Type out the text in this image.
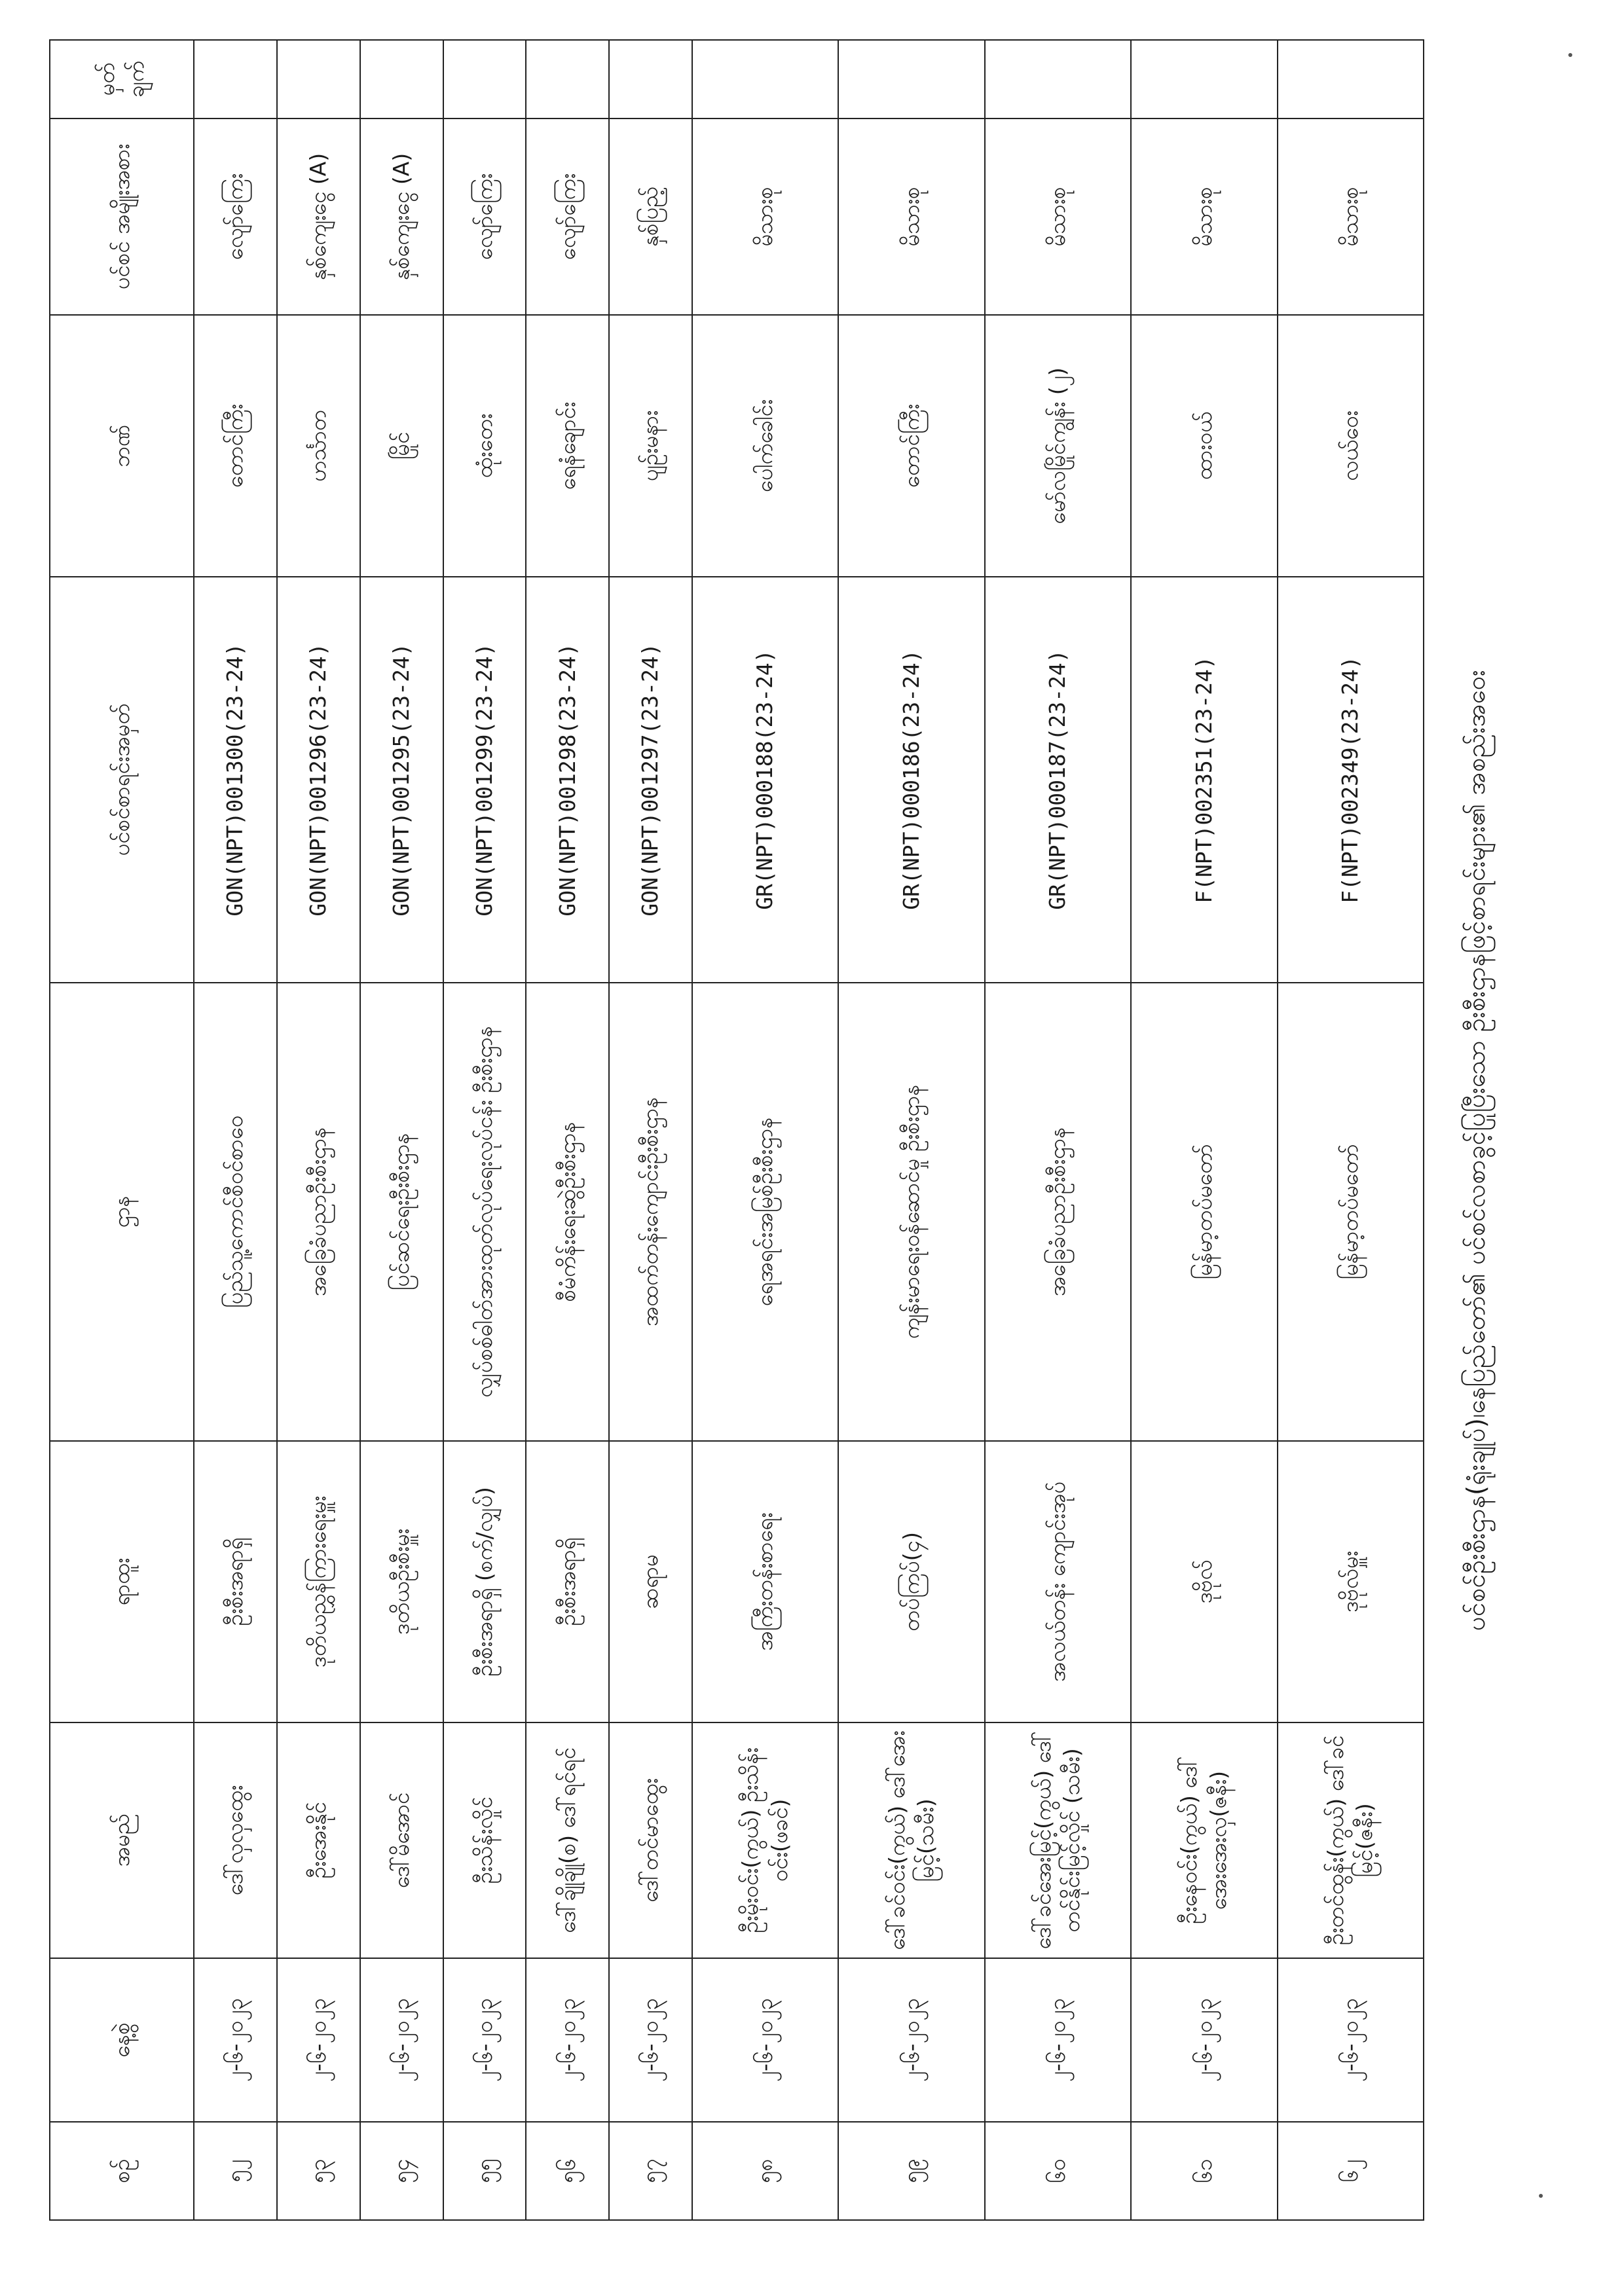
ပင်စင်ဦးစီးဌာန(ရုံးချုပ်)၊နေပြည်တော်၏ ပင်စင်လစာခွင့်ပြုပြီးသော ဦးစီးဌာနဖြင့်စာရင်းများ၏ အစည်းအဝေး
စဉ်	နေ့စွဲ	အမည်	ရာထူး	ဌာန	ပင်စင်စာရင်းအမှတ်	ဘဏ်	ပင်စင် အမျိုးအစား	မှတ် ချက်
၅၂	၂-၆-၂၀၂၃	ဒေါ်လှလှထွေး	ဦးစီးအရာရှိ	ပြည်သူ့ကောင်စီဝင်စာဝေ	GON(NPT)001300(23-24)	တောင်ကြီး	လျော်ကြေး	
၅၃	၂-၆-၂၀၂၃	ဦးအေးနိုင်	ဒုတိယညွှန်ကြားရေးမှူး	အခြေခံပညာဦးစီးဌာန	GON(NPT)001296(23-24)	ဟင်္သာတ	နှစ်ကျေးငွေ (A)	
၅၄	၂-၆-၂၀၂၃	ဒေါ်မိအောင်	ဒုတိယဦးစီးမှူး	ပြင်ဆင်ရေးဦးစီးဌာန	GON(NPT)001295(23-24)	မြိုင်	နှစ်ကျေးငွေ (A)	
၅၅	၂-၆-၂၀၂၃	ဦးသိန်းလှိုင်	ဦးစီးအရာရှိ (စက်/လျှပ်)	လျှပ်စစ်ဓါတ်အားထုတ်လုပ်ရေးလုပ်ငန်း ဦးစီးဌာန	GON(NPT)001299(23-24)	ထုံးတေး	လျော်ကြေး	
၅၆	၂-၆-၂၀၂၃	ဒေါ်ချိုချို(စ) ဒေါ်ရင်ရင်	ဦးစီးအရာရှိ	စီမံကိန်းရေးဆွဲဦးစီးဌာန	GON(NPT)001298(23-24)	ရေနံချောင်း	လျော်ကြေး	
၅၇	၂-၆-၂၀၂၃	ဒေါ်တင်မာထွေး	ဆရာမ	အထက်တန်းကျောင်းဦးစီးဌာန	GON(NPT)001297(23-24)	ပျဉ်းမနား	နှစ်ပြည့်	
၅၈	၂-၆-၂၀၂၃	ဦးမိုးဝင်း(ကွယ်) ဦးသိန်းဝင်း(ဖခင်)	အကြီးတန်းစာရေး	ရေအရင်းအမြစ်ဦးစီးဌာန	GR(NPT)000188(23-24)	ပေါက်ခေါင်း	မိသားစု	
၅၉	၂-၆-၂၀၂၃	ဒေါ်ခင်ဝင်း(ကွယ်) ဒေါ်အေးမြင့်(သမီး)	တပ်ကြပ်(၄)	ကျန်းမာရေးဝန်ဆောင်မှု ဦးစီးဌာန	GR(NPT)000186(23-24)	တောင်ကြီး	မိသားစု	
၆၀	၂-၆-၂၀၂၃	ဒေါ်ခင်အေးမြင့်(ကွယ်) ဒေါ်တင်နိုင်းမြင့်လှိုင် (သမီး)	အလယ်တန်း ကျောင်းအုပ်	အခြေခံပညာဦးစီးဌာန	GR(NPT)000187(23-24)	မော်လမြိုင်ကျွန်း (၂)	မိသားစု	
၆၁	၂-၆-၂၀၂၃	ဦးနေဝင်း(ကွယ်) ဒေါ်အေးအေးလှ(ဇနီး)	ဒုဗိုလ်	မြန်မာ့တပ်မတော်	F(NPT)002351(23-24)	ထားဝယ်	မိသားစု	
၆၂	၂-၆-၂၀၂၃	ဦးတင်ထွန်း(ကွယ်) ဒေါ်ခင်မြင့်(ဇနီး)	ဒုဗိုလ်မှူး	မြန်မာ့တပ်မတော်	F(NPT)002349(23-24)	လယ်ဝေး	မိသားစု	
